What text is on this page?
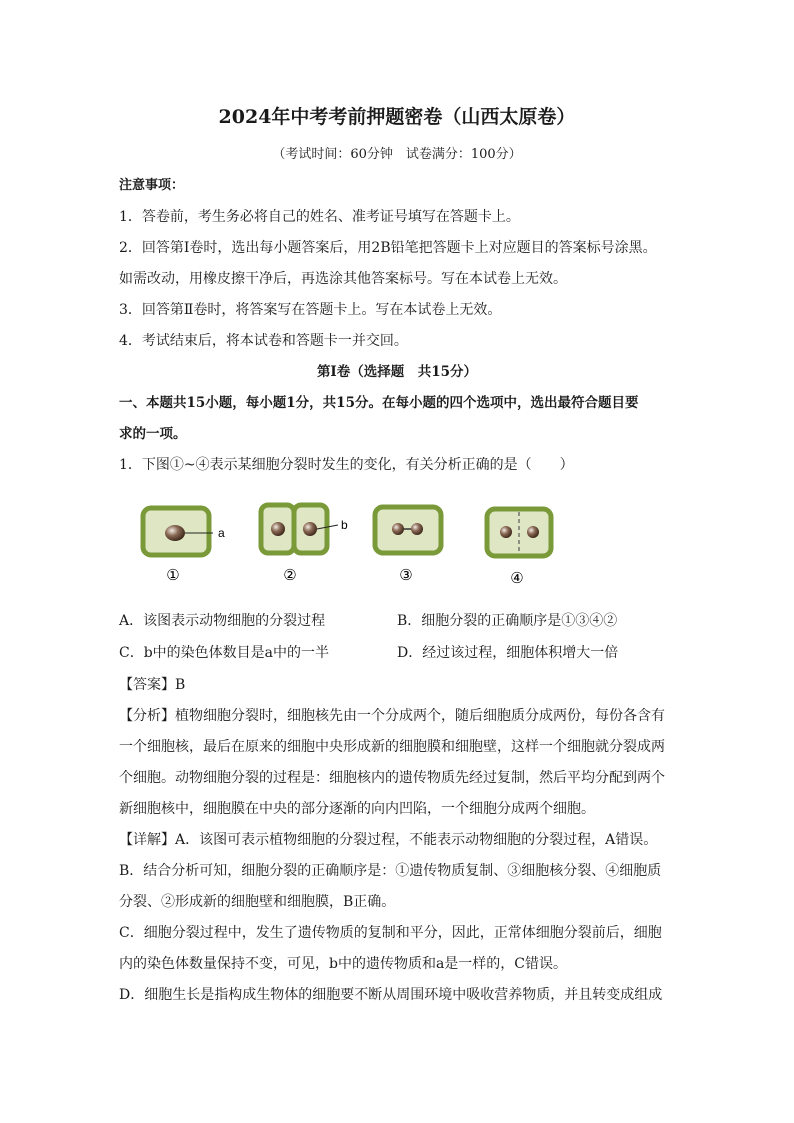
2024年中考考前押题密卷（山西太原卷）
（考试时间：60分钟　试卷满分：100分）
注意事项：
1．答卷前，考生务必将自己的姓名、准考证号填写在答题卡上。
2．回答第Ⅰ卷时，选出每小题答案后，用2B铅笔把答题卡上对应题目的答案标号涂黑。
如需改动，用橡皮擦干净后，再选涂其他答案标号。写在本试卷上无效。
3．回答第Ⅱ卷时，将答案写在答题卡上。写在本试卷上无效。
4．考试结束后，将本试卷和答题卡一并交回。
第Ⅰ卷（选择题　共15分）
一、本题共15小题，每小题1分，共15分。在每小题的四个选项中，选出最符合题目要
求的一项。
1．下图①~④表示某细胞分裂时发生的变化，有关分析正确的是（　　）
a
①
b
②	③	④
A．该图表示动物细胞的分裂过程	B．细胞分裂的正确顺序是①③④②
C．b中的染色体数目是a中的一半	D．经过该过程，细胞体积增大一倍
【答案】B
【分析】植物细胞分裂时，细胞核先由一个分成两个，随后细胞质分成两份，每份各含有
一个细胞核，最后在原来的细胞中央形成新的细胞膜和细胞壁，这样一个细胞就分裂成两
个细胞。动物细胞分裂的过程是：细胞核内的遗传物质先经过复制，然后平均分配到两个
新细胞核中，细胞膜在中央的部分逐渐的向内凹陷，一个细胞分成两个细胞。
【详解】A．该图可表示植物细胞的分裂过程，不能表示动物细胞的分裂过程，A错误。
B．结合分析可知，细胞分裂的正确顺序是：①遗传物质复制、③细胞核分裂、④细胞质
分裂、②形成新的细胞壁和细胞膜，B正确。
C．细胞分裂过程中，发生了遗传物质的复制和平分，因此，正常体细胞分裂前后，细胞
内的染色体数量保持不变，可见，b中的遗传物质和a是一样的，C错误。
D．细胞生长是指构成生物体的细胞要不断从周围环境中吸收营养物质，并且转变成组成
